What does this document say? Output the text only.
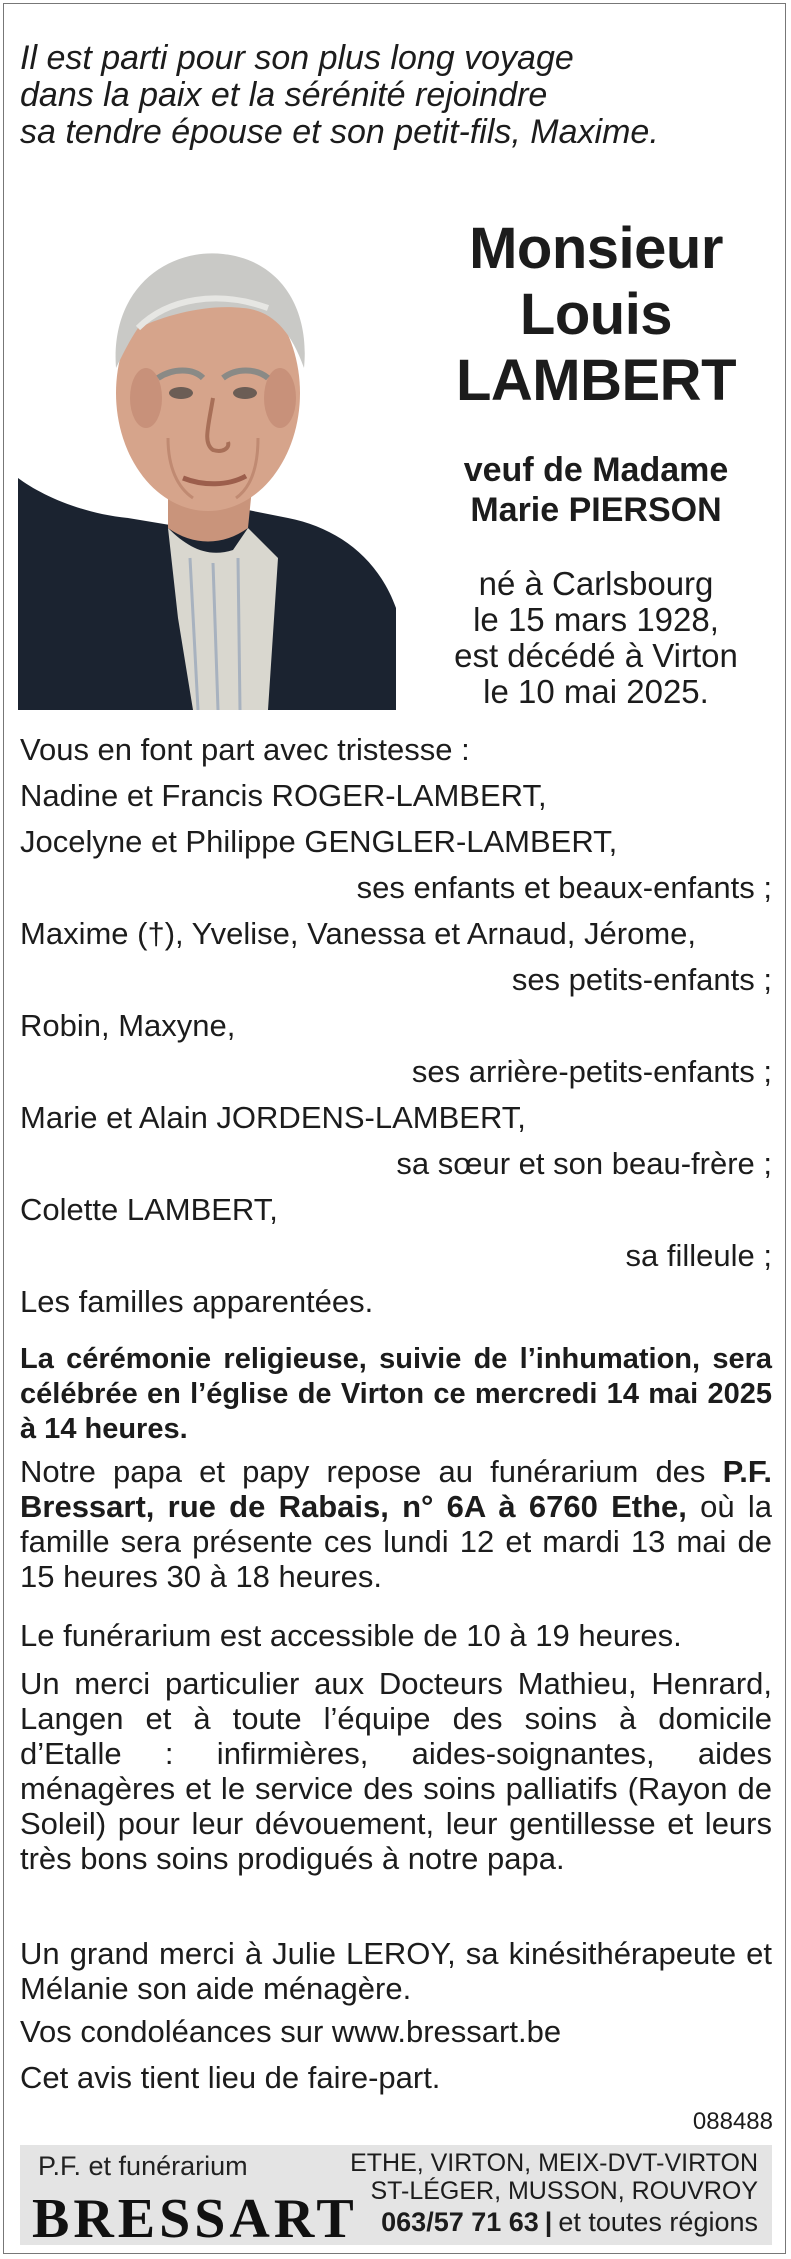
Il est parti pour son plus long voyage
dans la paix et la sérénité rejoindre
sa tendre épouse et son petit-fils, Maxime.
Monsieur
Louis
LAMBERT
veuf de Madame
Marie PIERSON
né à Carlsbourg
le 15 mars 1928,
est décédé à Virton
le 10 mai 2025.
Vous en font part avec tristesse :
Nadine et Francis ROGER-LAMBERT,
Jocelyne et Philippe GENGLER-LAMBERT,
ses enfants et beaux-enfants ;
Maxime (†), Yvelise, Vanessa et Arnaud, Jérome,
ses petits-enfants ;
Robin, Maxyne,
ses arrière-petits-enfants ;
Marie et Alain JORDENS-LAMBERT,
sa sœur et son beau-frère ;
Colette LAMBERT,
sa filleule ;
Les familles apparentées.
La cérémonie religieuse, suivie de l’inhumation, sera célébrée en l’église de Virton ce mercredi 14 mai 2025 à 14 heures.
Notre papa et papy repose au funérarium des P.F. Bressart, rue de Rabais, n° 6A à 6760 Ethe, où la famille sera présente ces lundi 12 et mardi 13 mai de 15 heures 30 à 18 heures.
Le funérarium est accessible de 10 à 19 heures.
Un merci particulier aux Docteurs Mathieu, Henrard, Langen et à toute l’équipe des soins à domicile d’Etalle : infirmières, aides-soignantes, aides ménagères et le service des soins palliatifs (Rayon de Soleil) pour leur dévouement, leur gentillesse et leurs très bons soins prodigués à notre papa.
Un grand merci à Julie LEROY, sa kinésithérapeute et Mélanie son aide ménagère.
Vos condoléances sur www.bressart.be
Cet avis tient lieu de faire-part.
088488
P.F. et funérarium
BRESSART
ETHE, VIRTON, MEIX-DVT-VIRTON
ST-LÉGER, MUSSON, ROUVROY
063/57 71 63 | et toutes régions
